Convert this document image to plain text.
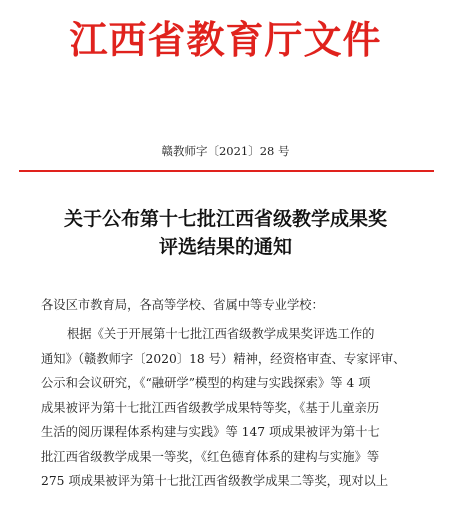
江西省教育厅文件
赣教师字〔2021〕28 号
关于公布第十七批江西省级教学成果奖
评选结果的通知
各设区市教育局，各高等学校、省属中等专业学校：
根据《关于开展第十七批江西省级教学成果奖评选工作的
通知》（赣教师字〔2020〕18 号）精神，经资格审查、专家评审、
公示和会议研究，《“融研学”模型的构建与实践探索》等 4 项
成果被评为第十七批江西省级教学成果特等奖，《基于儿童亲历
生活的阅历课程体系构建与实践》等 147 项成果被评为第十七
批江西省级教学成果一等奖，《红色德育体系的建构与实施》等
275 项成果被评为第十七批江西省级教学成果二等奖，现对以上
